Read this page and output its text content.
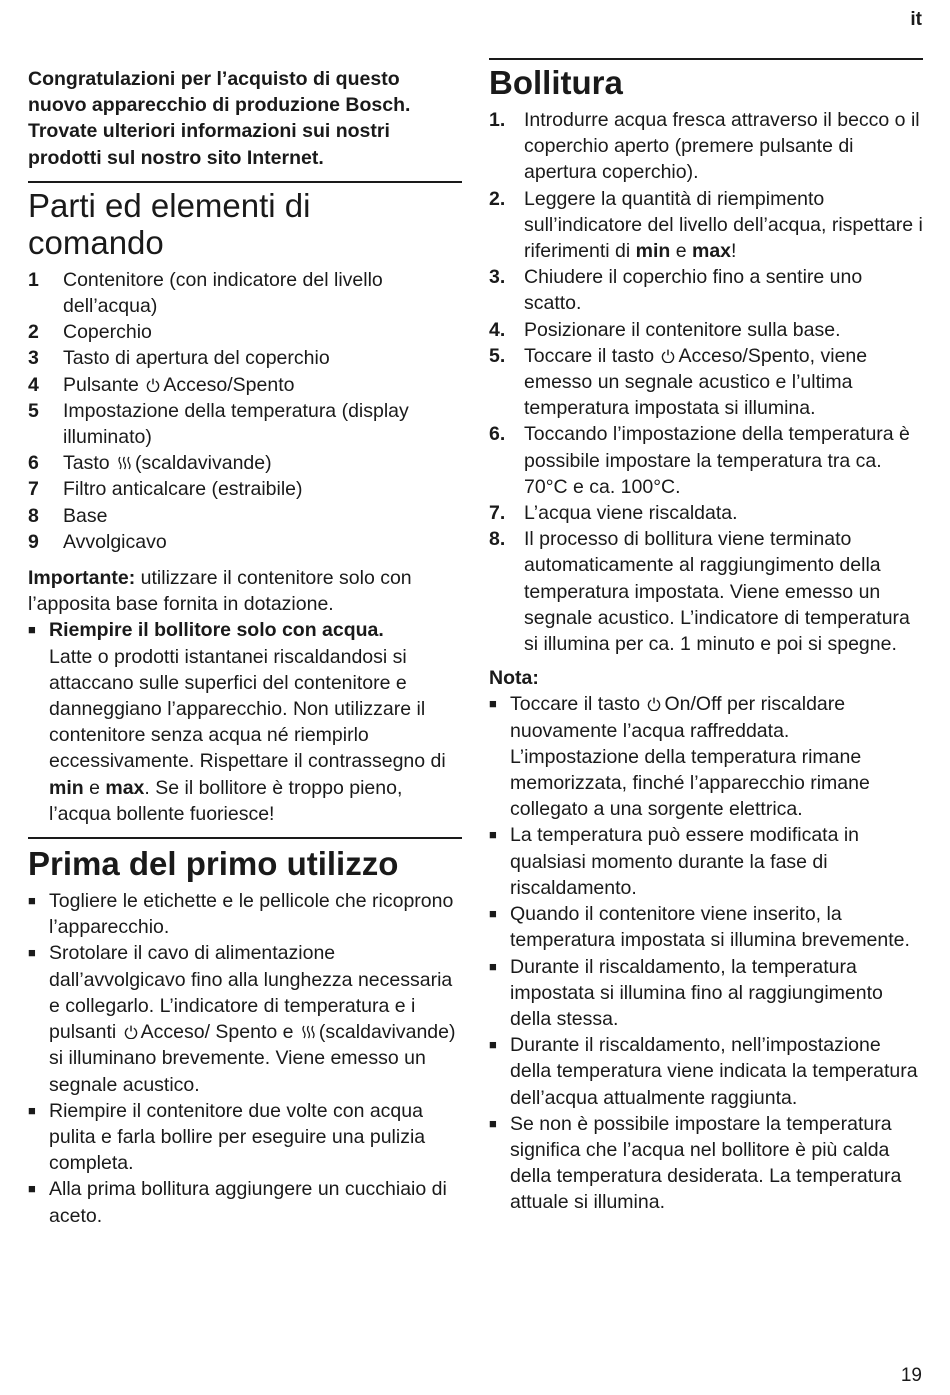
it
Congratulazioni per l’acquisto di questo nuovo apparecchio di produzione Bosch. Trovate ulteriori informazioni sui nostri prodotti sul nostro sito Internet.
Parti ed elementi di
comando
1	Contenitore (con indicatore del livello dell’acqua)
2	Coperchio
3	Tasto di apertura del coperchio
4	Pulsante Acceso/Spento
5	Impostazione della temperatura (display illuminato)
6	Tasto (scaldavivande)
7	Filtro anticalcare (estraibile)
8	Base
9	Avvolgicavo
Importante: utilizzare il contenitore solo con l’apposita base fornita in dotazione.
■ Riempire il bollitore solo con acqua.
Latte o prodotti istantanei riscaldandosi si attaccano sulle superfici del contenitore e danneggiano l’apparecchio. Non utilizzare il contenitore senza acqua né riempirlo eccessivamente. Rispettare il contrassegno di min e max. Se il bollitore è troppo pieno, l’acqua bollente fuoriesce!
Prima del primo utilizzo
■ Togliere le etichette e le pellicole che ricoprono l’apparecchio.
■ Srotolare il cavo di alimentazione dall’avvolgicavo fino alla lunghezza necessaria e collegarlo. L’indicatore di temperatura e i pulsanti Acceso/ Spento e (scaldavivande) si illuminano brevemente. Viene emesso un segnale acustico.
■ Riempire il contenitore due volte con acqua pulita e farla bollire per eseguire una pulizia completa.
■ Alla prima bollitura aggiungere un cucchiaio di aceto.
Bollitura
1. Introdurre acqua fresca attraverso il becco o il coperchio aperto (premere pulsante di apertura coperchio).
2. Leggere la quantità di riempimento sull’indicatore del livello dell’acqua, rispettare i riferimenti di min e max!
3. Chiudere il coperchio fino a sentire uno scatto.
4. Posizionare il contenitore sulla base.
5. Toccare il tasto Acceso/Spento, viene emesso un segnale acustico e l’ultima temperatura impostata si illumina.
6. Toccando l’impostazione della temperatura è possibile impostare la temperatura tra ca. 70°C e ca. 100°C.
7. L’acqua viene riscaldata.
8. Il processo di bollitura viene terminato automaticamente al raggiungimento della temperatura impostata. Viene emesso un segnale acustico. L’indicatore di temperatura si illumina per ca. 1 minuto e poi si spegne.
Nota:
■ Toccare il tasto On/Off per riscaldare nuovamente l’acqua raffreddata. L’impostazione della temperatura rimane memorizzata, finché l’apparecchio rimane collegato a una sorgente elettrica.
■ La temperatura può essere modificata in qualsiasi momento durante la fase di riscaldamento.
■ Quando il contenitore viene inserito, la temperatura impostata si illumina brevemente.
■ Durante il riscaldamento, la temperatura impostata si illumina fino al raggiungimento della stessa.
■ Durante il riscaldamento, nell’impostazione della temperatura viene indicata la temperatura dell’acqua attualmente raggiunta.
■ Se non è possibile impostare la temperatura significa che l’acqua nel bollitore è più calda della temperatura desiderata. La temperatura attuale si illumina.
19
